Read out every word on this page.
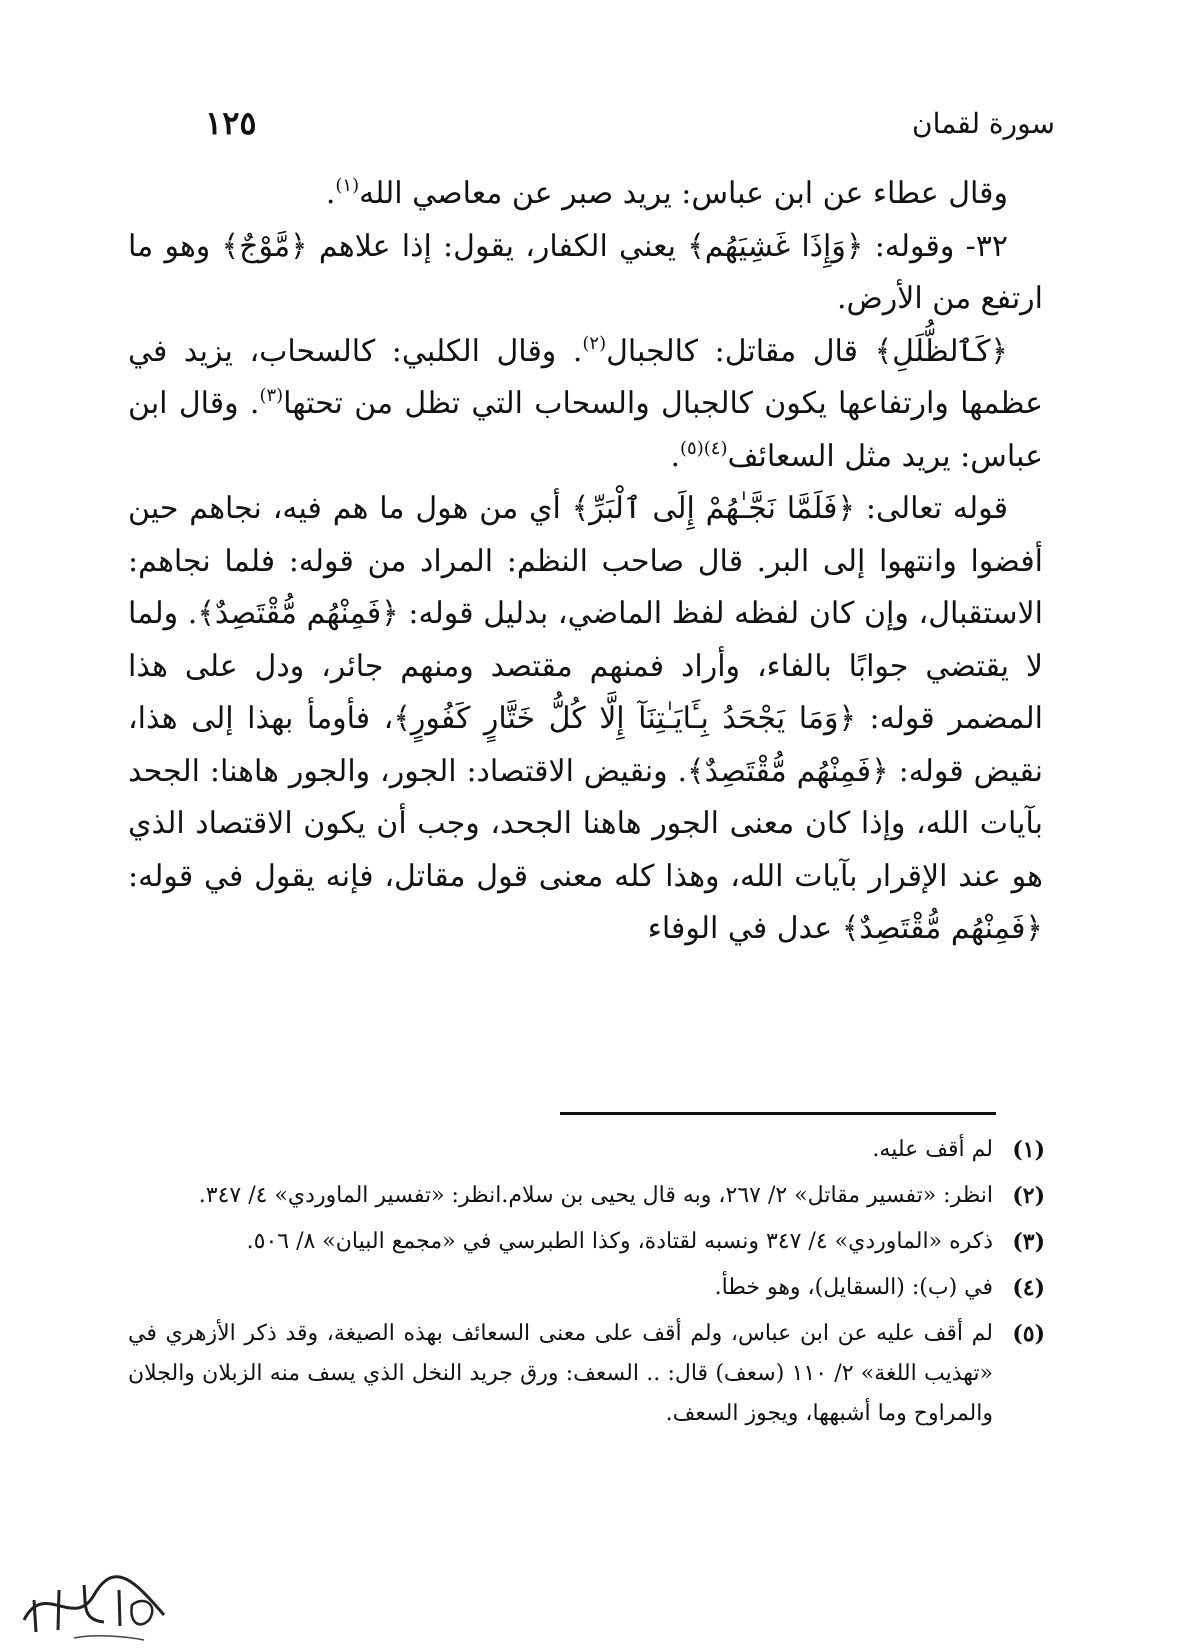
سورة لقمان
١٢٥

وقال عطاء عن ابن عباس: يريد صبر عن معاصي الله$^{(١)}$.

٣٢- وقوله: ﴿وَإِذَا غَشِيَهُم﴾ يعني الكفار، يقول: إذا علاهم ﴿مَّوْجٌ﴾ وهو ما ارتفع من الأرض.

﴿كَٱلظُّلَلِ﴾ قال مقاتل: كالجبال$^{(٢)}$. وقال الكلبي: كالسحاب، يزيد في عظمها وارتفاعها يكون كالجبال والسحاب التي تظل من تحتها$^{(٣)}$. وقال ابن عباس: يريد مثل السعائف$^{(٤)(٥)}$.

قوله تعالى: ﴿فَلَمَّا نَجَّـٰهُمْ إِلَى ٱلْبَرِّ﴾ أي من هول ما هم فيه، نجاهم حين أفضوا وانتهوا إلى البر. قال صاحب النظم: المراد من قوله: فلما نجاهم: الاستقبال، وإن كان لفظه لفظ الماضي، بدليل قوله: ﴿فَمِنْهُم مُّقْتَصِدٌ﴾. ولما لا يقتضي جوابًا بالفاء، وأراد فمنهم مقتصد ومنهم جائر، ودل على هذا المضمر قوله: ﴿وَمَا يَجْحَدُ بِـَٔايَـٰتِنَآ إِلَّا كُلُّ خَتَّارٍ كَفُورٍ﴾، فأومأ بهذا إلى هذا، نقيض قوله: ﴿فَمِنْهُم مُّقْتَصِدٌ﴾. ونقيض الاقتصاد: الجور، والجور هاهنا: الجحد بآيات الله، وإذا كان معنى الجور هاهنا الجحد، وجب أن يكون الاقتصاد الذي هو عند الإقرار بآيات الله، وهذا كله معنى قول مقاتل، فإنه يقول في قوله: ﴿فَمِنْهُم مُّقْتَصِدٌ﴾ عدل في الوفاء

(١)
لم أقف عليه.
(٢)
انظر: «تفسير مقاتل» ٢/ ٢٦٧، وبه قال يحيى بن سلام.انظر: «تفسير الماوردي» ٤/ ٣٤٧.
(٣)
ذكره «الماوردي» ٤/ ٣٤٧ ونسبه لقتادة، وكذا الطبرسي في «مجمع البيان» ٨/ ٥٠٦.
(٤)
في (ب): (السقايل)، وهو خطأ.
(٥)
لم أقف عليه عن ابن عباس، ولم أقف على معنى السعائف بهذه الصيغة، وقد ذكر الأزهري في «تهذيب اللغة» ٢/ ١١٠ (سعف) قال: .. السعف: ورق جريد النخل الذي يسف منه الزبلان والجلان والمراوح وما أشبهها، ويجوز السعف.
